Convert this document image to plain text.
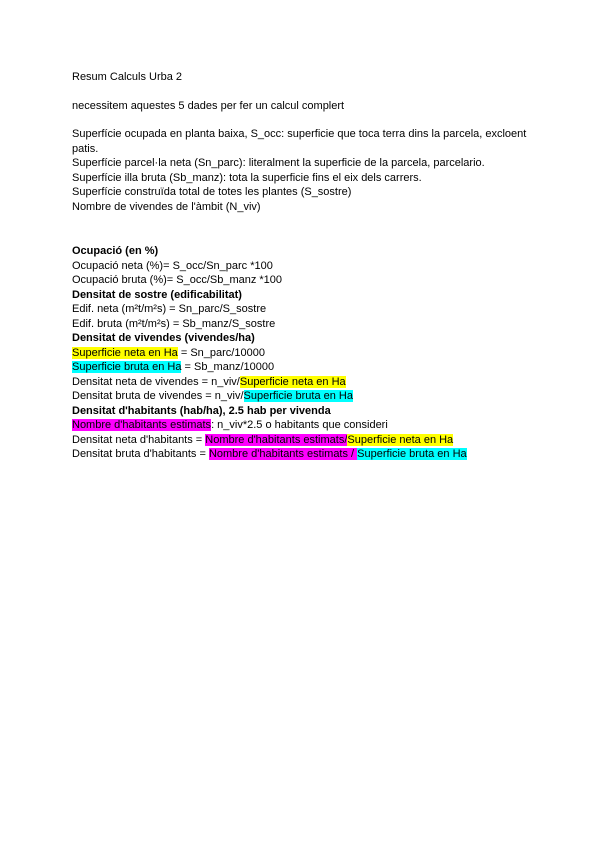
Resum Calculs Urba 2
necessitem aquestes 5 dades per fer un calcul complert
Superfície ocupada en planta baixa, S_occ: superficie que toca terra dins la parcela, excloent patis.
Superfície parcel·la neta (Sn_parc): literalment la superficie de la parcela, parcelario.
Superfície illa bruta (Sb_manz): tota la superficie fins el eix dels carrers.
Superfície construïda total de totes les plantes (S_sostre)
Nombre de vivendes de l'àmbit (N_viv)
Ocupació (en %)
Ocupació neta (%)= S_occ/Sn_parc *100
Ocupació bruta (%)= S_occ/Sb_manz *100
Densitat de sostre (edificabilitat)
Edif. neta (m²t/m²s) = Sn_parc/S_sostre
Edif. bruta (m²t/m²s) = Sb_manz/S_sostre
Densitat de vivendes (vivendes/ha)
Superficie neta en Ha = Sn_parc/10000
Superficie bruta en Ha = Sb_manz/10000
Densitat neta de vivendes = n_viv/Superficie neta en Ha
Densitat bruta de vivendes = n_viv/Superficie bruta en Ha
Densitat d'habitants (hab/ha), 2.5 hab per vivenda
Nombre d'habitants estimats: n_viv*2.5 o habitants que consideri
Densitat neta d'habitants = Nombre d'habitants estimats/Superficie neta en Ha
Densitat bruta d'habitants = Nombre d'habitants estimats / Superficie bruta en Ha
